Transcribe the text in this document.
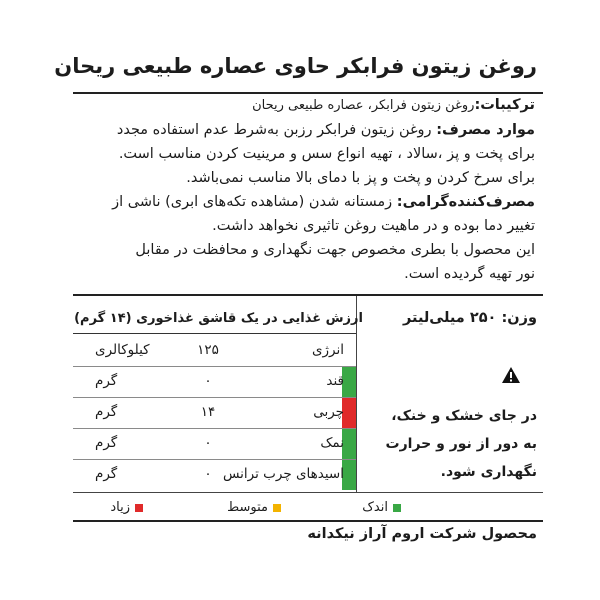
روغن زیتون فرابکر حاوی عصاره طبیعی ریحان

ترکیبات:روغن زیتون فرابکر، عصاره طبیعی ریحان

موارد مصرف: روغن زیتون فرابکر رزبن به‌شرط عدم استفاده مجدد

برای پخت و پز ،سالاد ، تهیه انواع سس و مرینیت کردن مناسب است.

برای سرخ کردن و پخت و پز با دمای بالا مناسب نمی‌باشد.

مصرف‌کننده‌گرامی: زمستانه شدن (مشاهده تکه‌های ابری) ناشی از

تغییر دما بوده و در ماهیت روغن تاثیری نخواهد داشت.

این محصول با بطری مخصوص جهت نگهداری و محافظت در مقابل

نور تهیه گردیده است.

وزن: ۲۵۰ میلی‌لیتر
ارزش غذایی در یک قاشق غذاخوری (۱۴ گرم)
انرژی
۱۲۵
کیلوکالری
قند
۰
گرم
چربی
۱۴
گرم
نمک
۰
گرم
اسیدهای چرب ترانس
۰
گرم
در جای خشک و خنک،
به دور از نور و حرارت
نگهداری شود.
اندک
متوسط
زیاد
محصول شرکت اروم آراز نیکدانه
